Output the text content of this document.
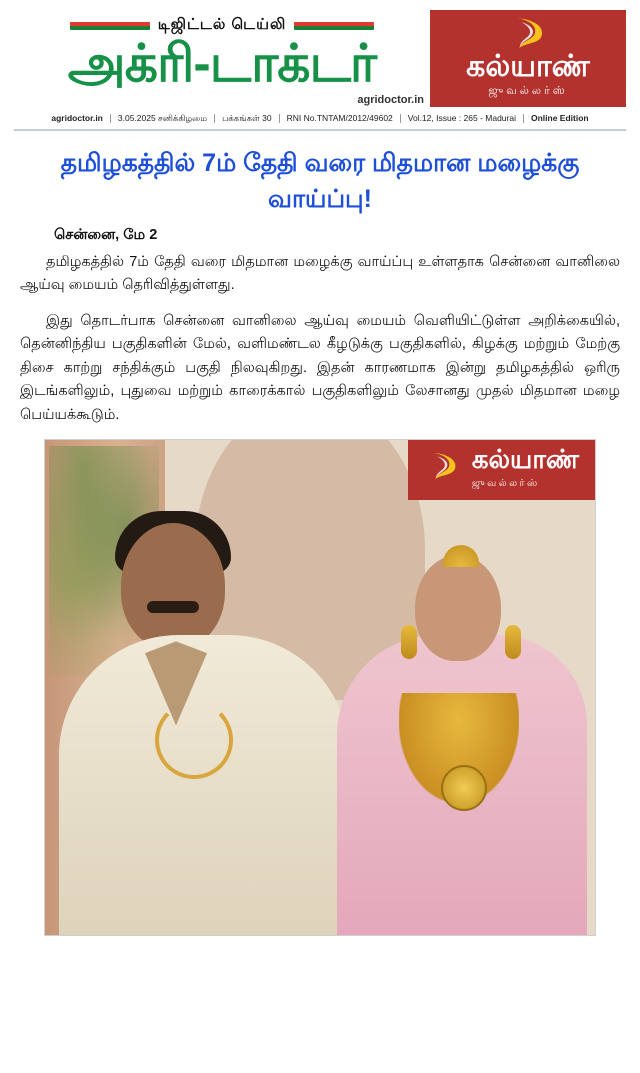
டிஜிட்டல் டெய்லி
அக்ரி-டாக்டர்
agridoctor.in
கல்யாண்
ஜுவல்லர்ஸ்
agridoctor.in	3.05.2025 சனிக்கிழமை	பக்கங்கள் 30	RNI No.TNTAM/2012/49602	Vol.12, Issue : 265 - Madurai	Online Edition
தமிழகத்தில் 7ம் தேதி வரை மிதமான மழைக்கு வாய்ப்பு!
சென்னை, மே 2

தமிழகத்தில் 7ம் தேதி வரை மிதமான மழைக்கு வாய்ப்பு உள்ளதாக சென்னை வானிலை ஆய்வு மையம் தெரிவித்துள்ளது.

இது தொடர்பாக சென்னை வானிலை ஆய்வு மையம் வெளியிட்டுள்ள அறிக்கையில், தென்னிந்திய பகுதிகளின் மேல், வளிமண்டல கீழடுக்கு பகுதிகளில், கிழக்கு மற்றும் மேற்கு திசை காற்று சந்திக்கும் பகுதி நிலவுகிறது. இதன் காரணமாக இன்று தமிழகத்தில் ஒரிரு இடங்களிலும், புதுவை மற்றும் காரைக்கால் பகுதிகளிலும் லேசானது முதல் மிதமான மழை பெய்யக்கூடும்.

கல்யாண்
ஜுவல்லர்ஸ்
